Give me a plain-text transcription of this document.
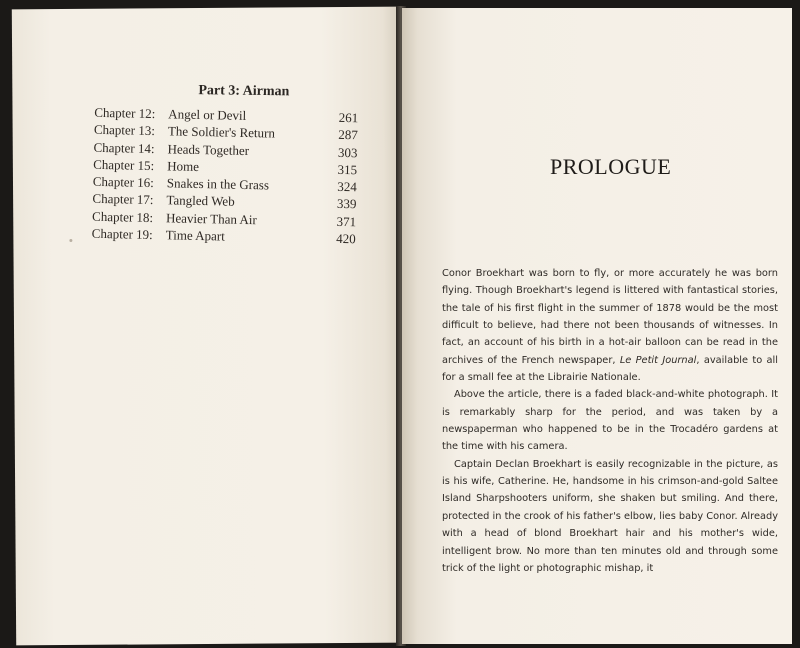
Part 3: Airman
Chapter 12: Angel or Devil	261
Chapter 13: The Soldier's Return	287
Chapter 14: Heads Together	303
Chapter 15: Home	315
Chapter 16: Snakes in the Grass	324
Chapter 17: Tangled Web	339
Chapter 18: Heavier Than Air	371
Chapter 19: Time Apart	420
PROLOGUE

Conor Broekhart was born to fly, or more accurately he was born flying. Though Broekhart's legend is littered with fantastical stories, the tale of his first flight in the summer of 1878 would be the most difficult to believe, had there not been thousands of witnesses. In fact, an account of his birth in a hot-air balloon can be read in the archives of the French newspaper, Le Petit Journal, available to all for a small fee at the Librairie Nationale.

Above the article, there is a faded black-and-white photograph. It is remarkably sharp for the period, and was taken by a newspaperman who happened to be in the Trocadéro gardens at the time with his camera.

Captain Declan Broekhart is easily recognizable in the picture, as is his wife, Catherine. He, handsome in his crimson-and-gold Saltee Island Sharpshooters uniform, she shaken but smiling. And there, protected in the crook of his father's elbow, lies baby Conor. Already with a head of blond Broekhart hair and his mother's wide, intelligent brow. No more than ten minutes old and through some trick of the light or photographic mishap, it
